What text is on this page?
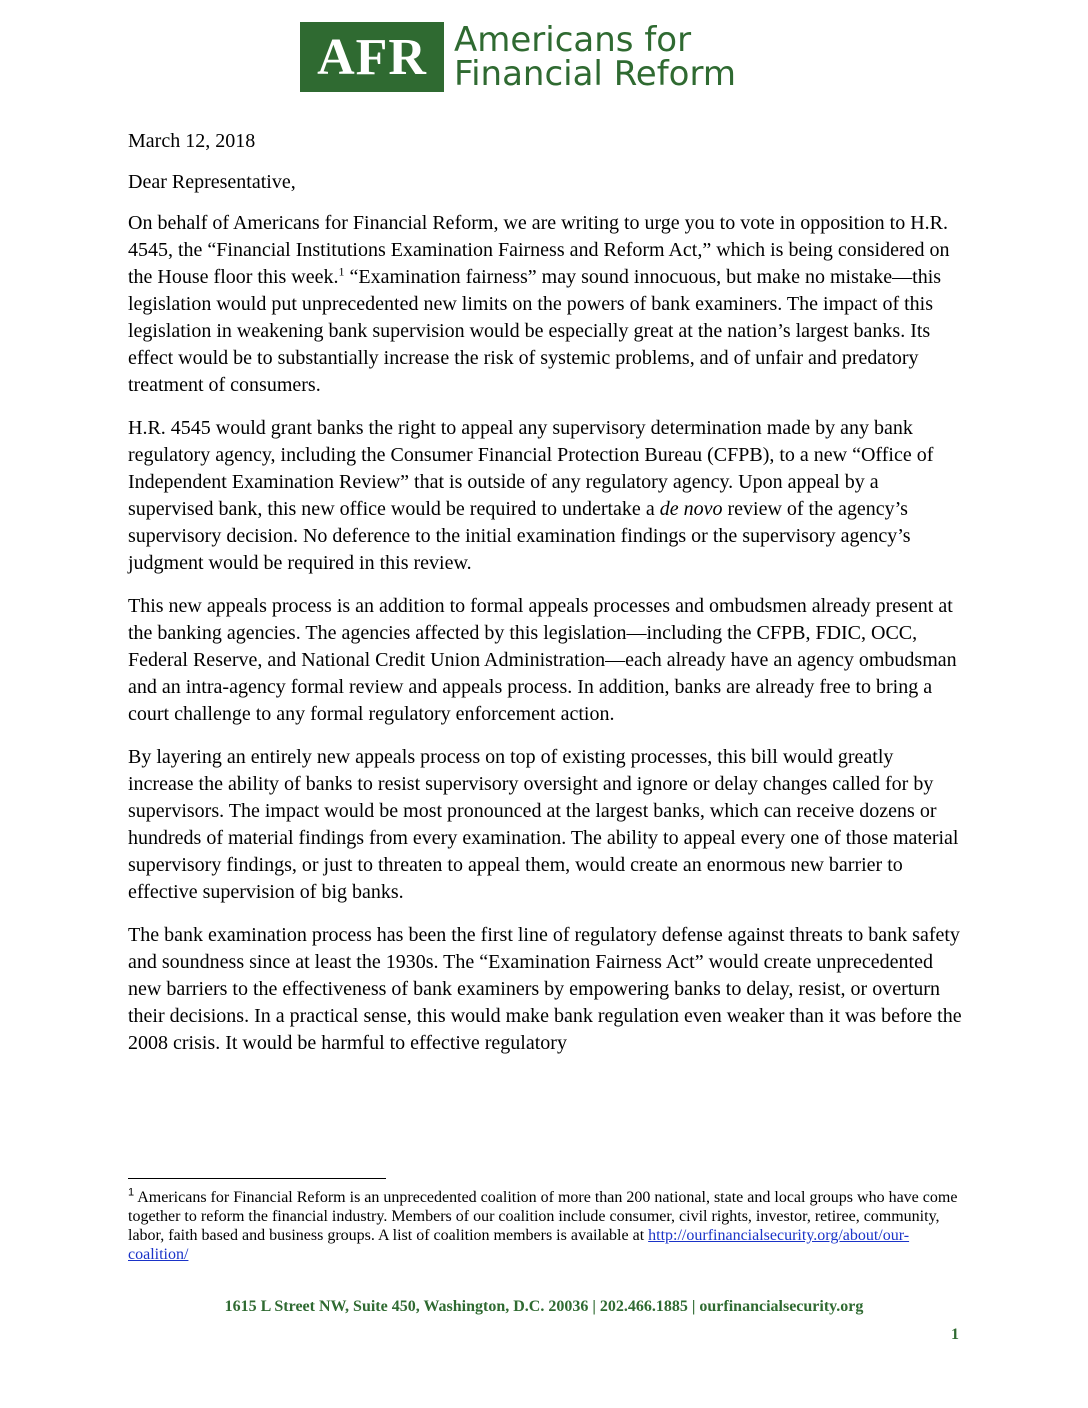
AFR Americans for
Financial Reform

March 12, 2018

Dear Representative,

On behalf of Americans for Financial Reform, we are writing to urge you to vote in opposition to H.R. 4545, the “Financial Institutions Examination Fairness and Reform Act,” which is being considered on the House floor this week.$^1$ “Examination fairness” may sound innocuous, but make no mistake—this legislation would put unprecedented new limits on the powers of bank examiners. The impact of this legislation in weakening bank supervision would be especially great at the nation’s largest banks. Its effect would be to substantially increase the risk of systemic problems, and of unfair and predatory treatment of consumers.

H.R. 4545 would grant banks the right to appeal any supervisory determination made by any bank regulatory agency, including the Consumer Financial Protection Bureau (CFPB), to a new “Office of Independent Examination Review” that is outside of any regulatory agency. Upon appeal by a supervised bank, this new office would be required to undertake a de novo review of the agency’s supervisory decision. No deference to the initial examination findings or the supervisory agency’s judgment would be required in this review.

This new appeals process is an addition to formal appeals processes and ombudsmen already present at the banking agencies. The agencies affected by this legislation—including the CFPB, FDIC, OCC, Federal Reserve, and National Credit Union Administration—each already have an agency ombudsman and an intra-agency formal review and appeals process. In addition, banks are already free to bring a court challenge to any formal regulatory enforcement action.

By layering an entirely new appeals process on top of existing processes, this bill would greatly increase the ability of banks to resist supervisory oversight and ignore or delay changes called for by supervisors. The impact would be most pronounced at the largest banks, which can receive dozens or hundreds of material findings from every examination. The ability to appeal every one of those material supervisory findings, or just to threaten to appeal them, would create an enormous new barrier to effective supervision of big banks.

The bank examination process has been the first line of regulatory defense against threats to bank safety and soundness since at least the 1930s. The “Examination Fairness Act” would create unprecedented new barriers to the effectiveness of bank examiners by empowering banks to delay, resist, or overturn their decisions. In a practical sense, this would make bank regulation even weaker than it was before the 2008 crisis. It would be harmful to effective regulatory

$^1$ Americans for Financial Reform is an unprecedented coalition of more than 200 national, state and local groups who have come together to reform the financial industry. Members of our coalition include consumer, civil rights, investor, retiree, community, labor, faith based and business groups. A list of coalition members is available at http://ourfinancialsecurity.org/about/our-coalition/
1615 L Street NW, Suite 450, Washington, D.C. 20036 | 202.466.1885 | ourfinancialsecurity.org
1
